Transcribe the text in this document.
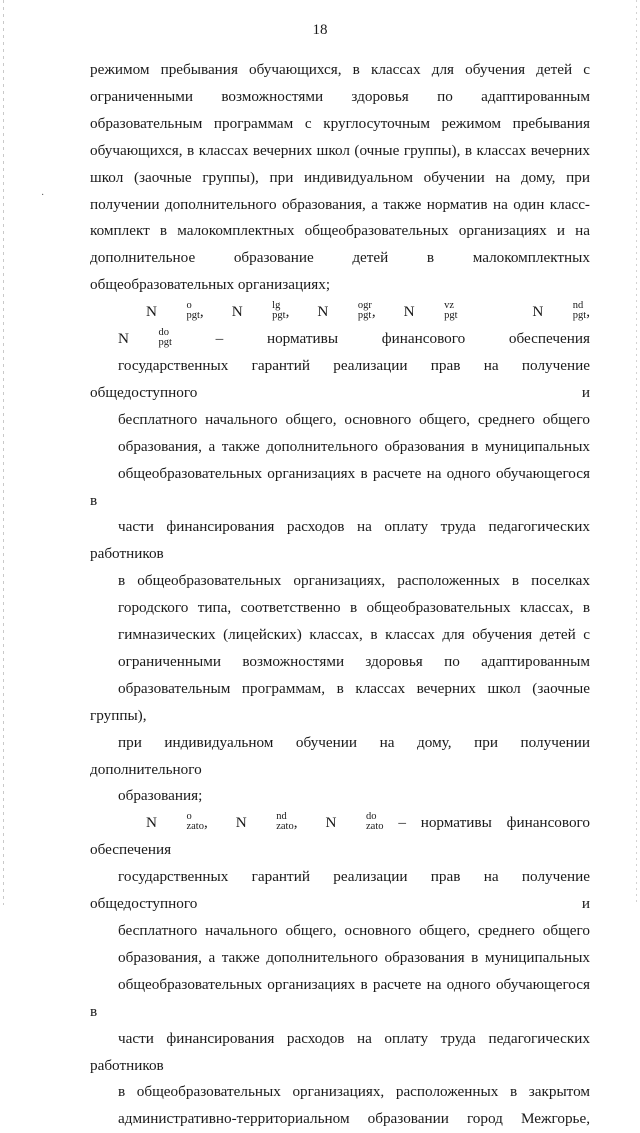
·
18

режимом пребывания обучающихся, в классах для обучения детей с
ограниченными возможностями здоровья по адаптированным
образовательным программам с круглосуточным режимом пребывания
обучающихся, в классах вечерних школ (очные группы), в классах вечерних
школ (заочные группы), при индивидуальном обучении на дому, при
получении дополнительного образования, а также норматив на один класс-
комплект в малокомплектных общеобразовательных организациях и на
дополнительное образование детей в малокомплектных
общеобразовательных организациях;

N	o
pgt , N	lg
pgt , N	ogr
pgt , N	vz
pgt	N	nd
pgt ,N	do
pgt	– нормативы финансового обеспечения
государственных гарантий реализации прав на получение общедоступного и
бесплатного начального общего, основного общего, среднего общего
образования, а также дополнительного образования в муниципальных
общеобразовательных организациях в расчете на одного обучающегося в
части финансирования расходов на оплату труда педагогических работников
в общеобразовательных организациях, расположенных в поселках
городского типа, соответственно в общеобразовательных классах, в
гимназических (лицейских) классах, в классах для обучения детей с
ограниченными возможностями здоровья по адаптированным
образовательным программам, в классах вечерних школ (заочные группы),
при индивидуальном обучении на дому, при получении дополнительного
образования;

N	o
zato , N	nd
zato , N	do
zato – нормативы финансового обеспечения
государственных гарантий реализации прав на получение общедоступного и
бесплатного начального общего, основного общего, среднего общего
образования, а также дополнительного образования в муниципальных
общеобразовательных организациях в расчете на одного обучающегося в
части финансирования расходов на оплату труда педагогических работников
в общеобразовательных организациях, расположенных в закрытом
административно-территориальном образовании город Межгорье,
